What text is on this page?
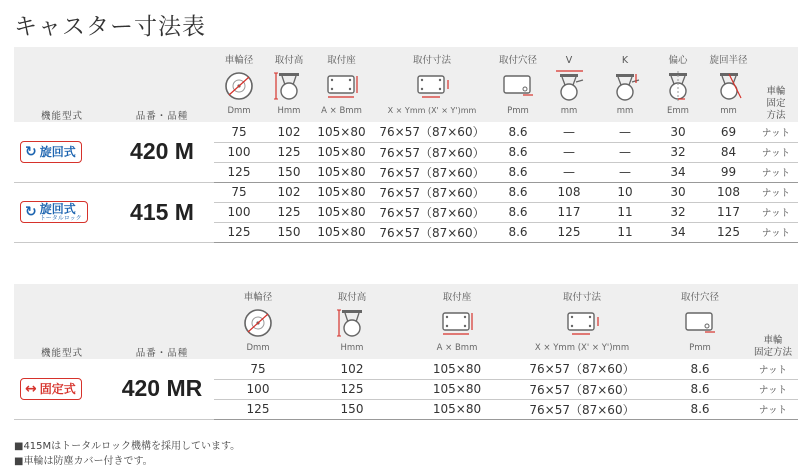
キャスター寸法表
機能型式	品番・品種	車輪径	取付高	取付座	取付寸法	取付穴径	V	K	偏心	旋回半径	車輪
固定
方法

		Dmm	Hmm	A × Bmm	X × Ymm (X' × Y')mm	Pmm	mm	mm	Emm	mm	

↻ 旋回式	420 M	75	102	105×80	76×57（87×60）	8.6	—	—	30	69	ナット
		100	125	105×80	76×57（87×60）	8.6	—	—	32	84	ナット
		125	150	105×80	76×57（87×60）	8.6	—	—	34	99	ナット

↻ 旋回式
トータルロック	415 M	75	102	105×80	76×57（87×60）	8.6	108	10	30	108	ナット
		100	125	105×80	76×57（87×60）	8.6	117	11	32	117	ナット
		125	150	105×80	76×57（87×60）	8.6	125	11	34	125	ナット
機能型式	品番・品種	車輪径	取付高	取付座	取付寸法	取付穴径	車輪
固定方法

		Dmm	Hmm	A × Bmm	X × Ymm (X' × Y')mm	Pmm	

↔ 固定式	420 MR	75	102	105×80	76×57（87×60）	8.6	ナット
		100	125	105×80	76×57（87×60）	8.6	ナット
		125	150	105×80	76×57（87×60）	8.6	ナット
■415Mはトータルロック機構を採用しています。
■車輪は防塵カバー付きです。
